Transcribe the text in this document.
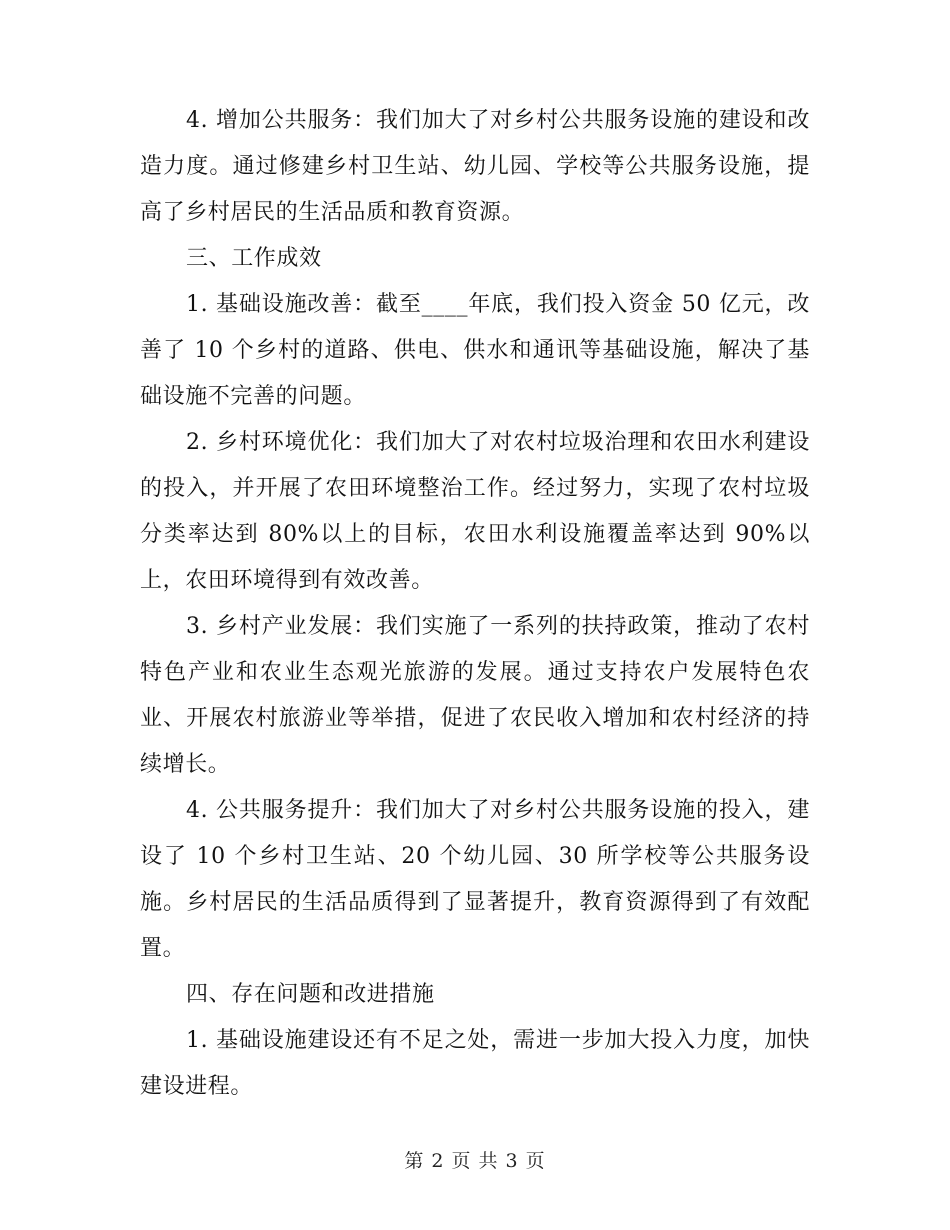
4. 增加公共服务：我们加大了对乡村公共服务设施的建设和改造力度。通过修建乡村卫生站、幼儿园、学校等公共服务设施，提高了乡村居民的生活品质和教育资源。

三、工作成效

1. 基础设施改善：截至____年底，我们投入资金 50 亿元，改善了 10 个乡村的道路、供电、供水和通讯等基础设施，解决了基础设施不完善的问题。

2. 乡村环境优化：我们加大了对农村垃圾治理和农田水利建设的投入，并开展了农田环境整治工作。经过努力，实现了农村垃圾分类率达到 80%以上的目标，农田水利设施覆盖率达到 90%以上，农田环境得到有效改善。

3. 乡村产业发展：我们实施了一系列的扶持政策，推动了农村特色产业和农业生态观光旅游的发展。通过支持农户发展特色农业、开展农村旅游业等举措，促进了农民收入增加和农村经济的持续增长。

4. 公共服务提升：我们加大了对乡村公共服务设施的投入，建设了 10 个乡村卫生站、20 个幼儿园、30 所学校等公共服务设施。乡村居民的生活品质得到了显著提升，教育资源得到了有效配置。

四、存在问题和改进措施

1. 基础设施建设还有不足之处，需进一步加大投入力度，加快建设进程。

第 2 页 共 3 页
